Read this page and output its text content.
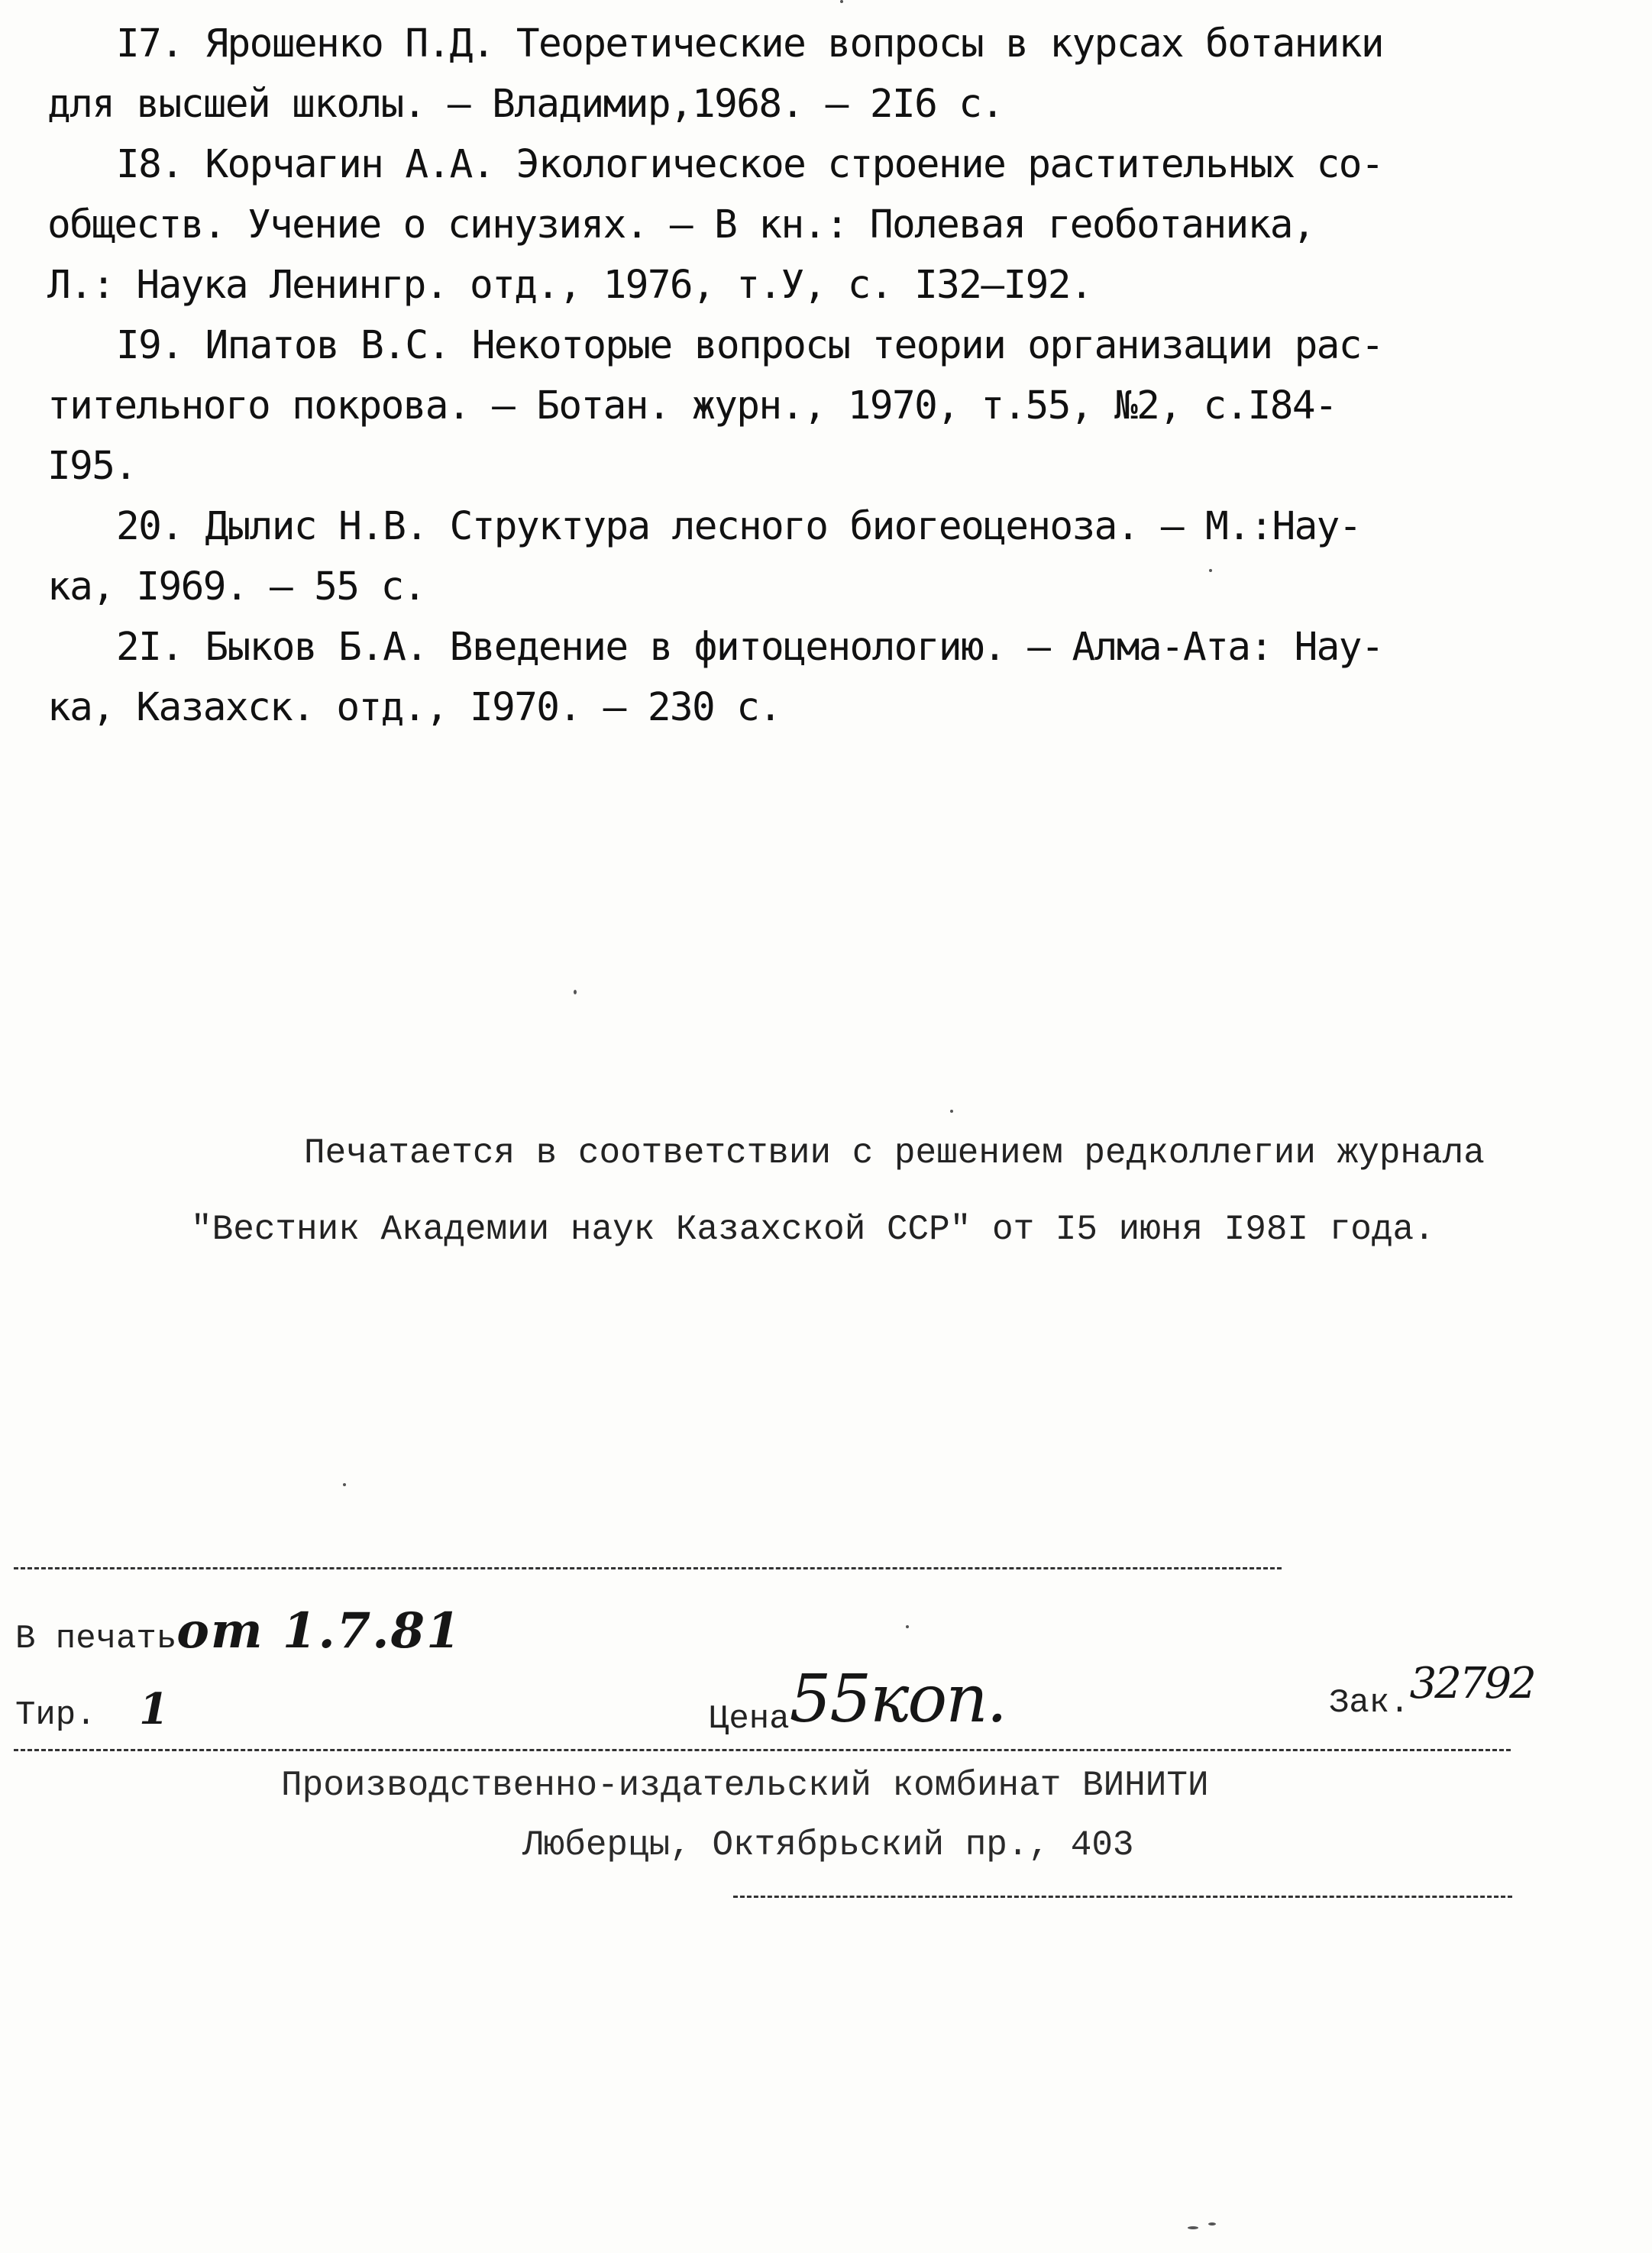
I7. Ярошенко П.Д. Теоретические вопросы в курсах ботаники
для высшей школы. – Владимир,1968. – 2I6 с.

I8. Корчагин А.А. Экологическое строение растительных со-
обществ. Учение о синузиях. – В кн.: Полевая геоботаника,
Л.: Наука Ленингр. отд., 1976, т.У, с. I32–I92.

I9. Ипатов В.С. Некоторые вопросы теории организации рас-
тительного покрова. – Ботан. журн., 1970, т.55, №2, с.I84-
I95.

20. Дылис Н.В. Структура лесного биогеоценоза. – М.:Нау-
ка, I969. – 55 с.

2I. Быков Б.А. Введение в фитоценологию. – Алма-Ата: Нау-
ка, Казахск. отд., I970. – 230 с.

Печатается в соответствии с решением редколлегии журнала
"Вестник Академии наук Казахской ССР" от I5 июня I98I года.
В печатьот 1.7.81
Тир. 1	Цена55коп.	Зак.32792
Производственно-издательский комбинат ВИНИТИ
Люберцы, Октябрьский пр., 403
